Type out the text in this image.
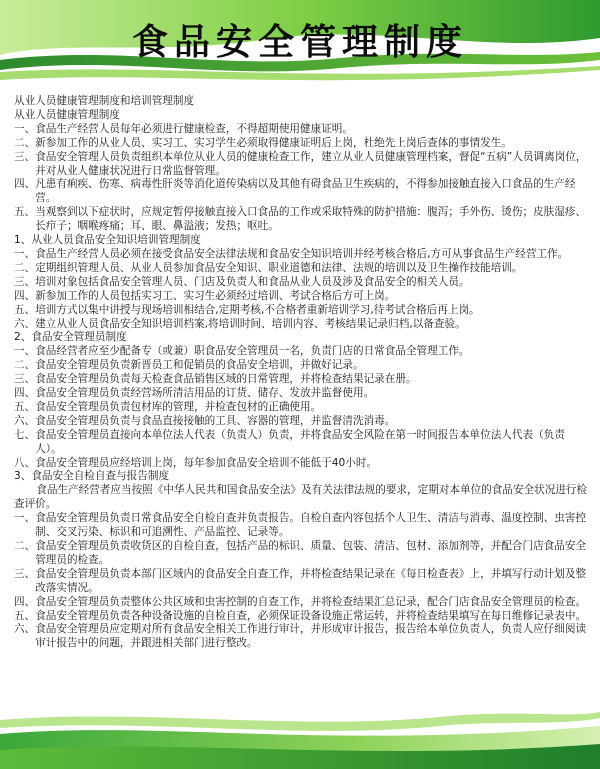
食品安全管理制度
从业人员健康管理制度和培训管理制度
从业人员健康管理制度
一、 食品生产经营人员每年必须进行健康检查，不得超期使用健康证明。
二、 新参加工作的从业人员、实习工、实习学生必须取得健康证明后上岗，杜绝先上岗后查体的事情发生。
三、 食品安全管理人员负责组织本单位从业人员的健康检查工作，建立从业人员健康管理档案，督促“五病”人员调离岗位，并对从业人健康状况进行日常监督管理。
四、 凡患有痢疾、伤寒、病毒性肝炎等消化道传染病以及其他有碍食品卫生疾病的，不得参加接触直接入口食品的生产经营。
五、 当观察到以下症状时，应规定暂停接触直接入口食品的工作或采取特殊的防护措施：腹泻；手外伤、烫伤；皮肤湿疹、长疖子；咽喉疼痛；耳、眼、鼻溢液；发热；呕吐。
1、从业人员食品安全知识培训管理制度
一、 食品生产经营人员必须在接受食品安全法律法规和食品安全知识培训并经考核合格后,方可从事食品生产经营工作。
二、 定期组织管理人员、从业人员参加食品安全知识、职业道德和法律、法规的培训以及卫生操作技能培训。
三、 培训对象包括食品安全管理人员、门店及负责人和食品从业人员及涉及食品安全的相关人员。
四、 新参加工作的人员包括实习工、实习生必须经过培训、考试合格后方可上岗。
五、 培训方式以集中讲授与现场培训相结合,定期考核,不合格者重新培训学习,待考试合格后再上岗。
六、 建立从业人员食品安全知识培训档案,将培训时间、培训内容、考核结果记录归档,以备查验。
2、食品安全管理员制度
一、 食品经营者应至少配备专（或兼）职食品安全管理员一名，负责门店的日常食品全管理工作。
二、 食品安全管理员负责新晋员工和促销员的食品安全培训，并做好记录。
三、 食品安全管理员负责每天检查食品销售区域的日常管理，并将检查结果记录在册。
四、 食品安全管理员负责经营场所清洁用品的订货、储存、发放并监督使用。
五、 食品安全管理员负责包材库的管理，并检查包材的正确使用。
六、 食品安全管理员负责与食品直接接触的工具、容器的管理，并监督清洗消毒。
七、 食品安全管理员直接向本单位法人代表（负责人）负责，并将食品安全风险在第一时间报告本单位法人代表（负责人）。
八、 食品安全管理员应经培训上岗，每年参加食品安全培训不能低于40小时。
3、食品安全自检自查与报告制度
食品生产经营者应当按照《中华人民共和国食品安全法》及有关法律法规的要求，定期对本单位的食品安全状况进行检查评价。
一、 食品安全管理员负责日常食品安全自检自查并负责报告。自检自查内容包括个人卫生、清洁与消毒、温度控制、虫害控制、交叉污染、标识和可追溯性、产品监控、记录等。
二、 食品安全管理员负责收货区的自检自查，包括产品的标识、质量、包装、清洁、包材、添加剂等，并配合门店食品安全管理员的检查。
三、 食品安全管理员负责本部门区域内的食品安全自查工作，并将检查结果记录在《每日检查表》上，并填写行动计划及整改落实情况。
四、 食品安全管理员负责整体公共区域和虫害控制的自查工作，并将检查结果汇总记录，配合门店食品安全管理员的检查。
五、 食品安全管理员负责各种设备设施的自检自查，必须保证设备设施正常运转，并将检查结果填写在每日维修记录表中。
六、 食品安全管理员应定期对所有食品安全相关工作进行审计，并形成审计报告，报告给本单位负责人，负责人应仔细阅读审计报告中的问题，并跟进相关部门进行整改。
